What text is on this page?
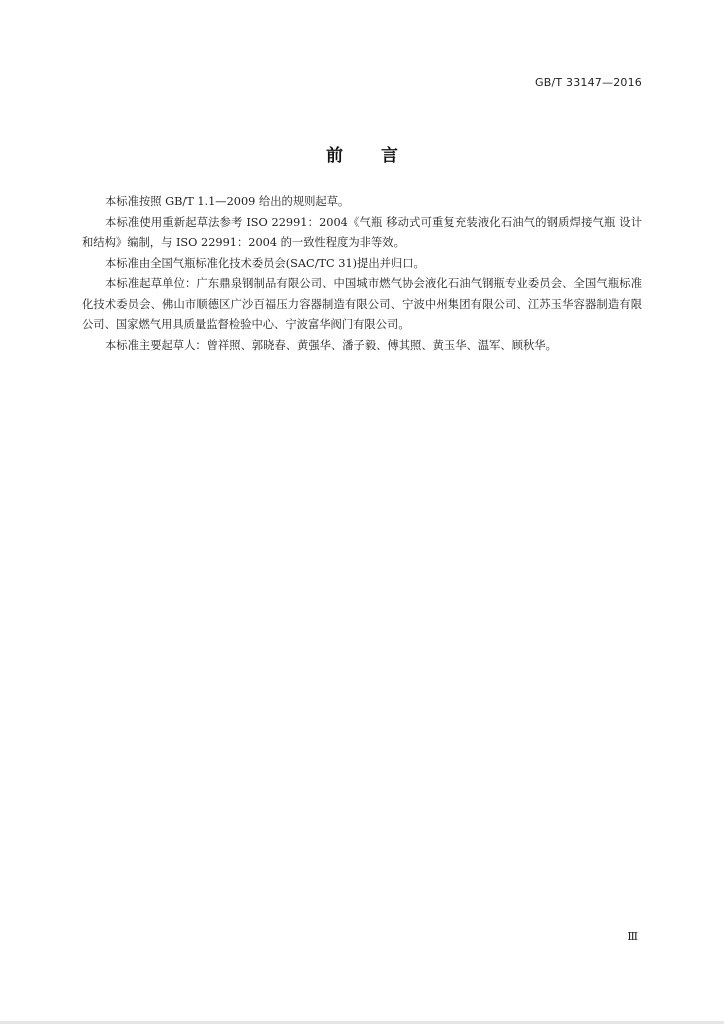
GB/T 33147—2016
前 言

本标准按照 GB/T 1.1—2009 给出的规则起草。

本标准使用重新起草法参考 ISO 22991：2004《气瓶 移动式可重复充装液化石油气的钢质焊接气瓶 设计和结构》编制，与 ISO 22991：2004 的一致性程度为非等效。

本标准由全国气瓶标准化技术委员会(SAC/TC 31)提出并归口。

本标准起草单位：广东鼎泉钢制品有限公司、中国城市燃气协会液化石油气钢瓶专业委员会、全国气瓶标准化技术委员会、佛山市顺德区广沙百福压力容器制造有限公司、宁波中州集团有限公司、江苏玉华容器制造有限公司、国家燃气用具质量监督检验中心、宁波富华阀门有限公司。

本标准主要起草人：曾祥照、郭晓春、黄强华、潘子毅、傅其照、黄玉华、温军、顾秋华。

Ⅲ
